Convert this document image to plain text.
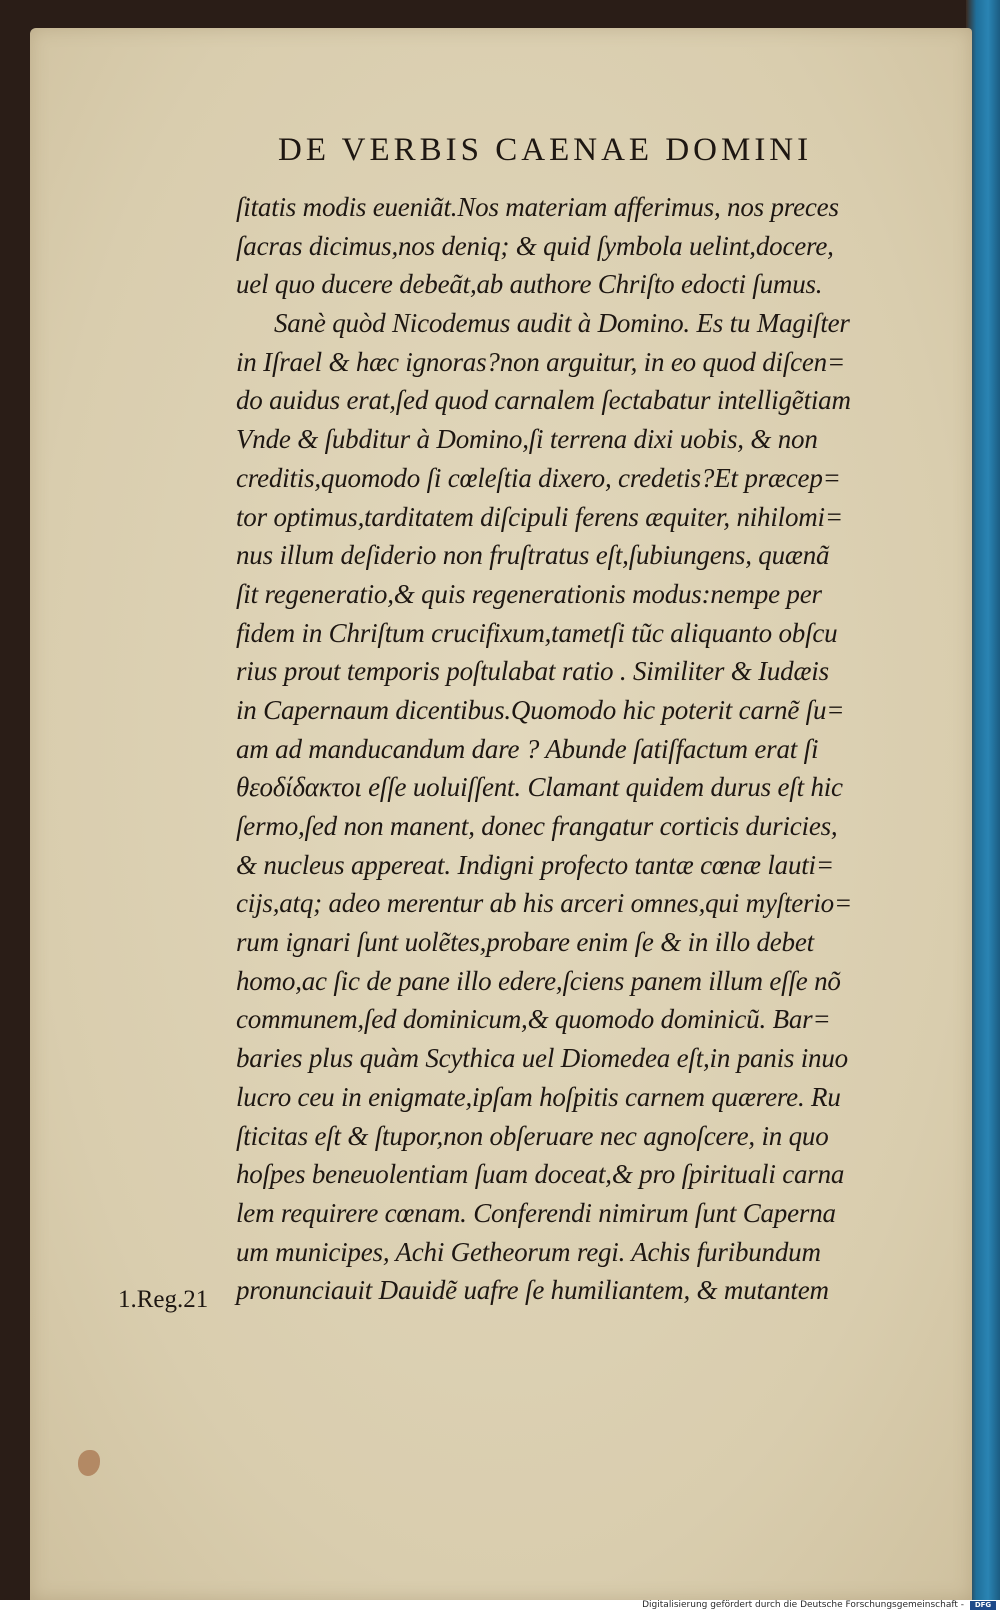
DE VERBIS CAENAE DOMINI
ſitatis modis eueniãt.Nos materiam afferimus, nos preces
ſacras dicimus,nos deniq; & quid ſymbola uelint,docere,
uel quo ducere debeãt,ab authore Chriſto edocti ſumus.
Sanè quòd Nicodemus audit à Domino. Es tu Magiſter
in Iſrael & hæc ignoras?non arguitur, in eo quod diſcen=
do auidus erat,ſed quod carnalem ſectabatur intelligẽtiam
Vnde & ſubditur à Domino,ſi terrena dixi uobis, & non
creditis,quomodo ſi cœleſtia dixero, credetis?Et præcep=
tor optimus,tarditatem diſcipuli ferens æquiter, nihilomi=
nus illum deſiderio non fruſtratus eſt,ſubiungens, quænã
ſit regeneratio,& quis regenerationis modus:nempe per
fidem in Chriſtum crucifixum,tametſi tũc aliquanto obſcu
rius prout temporis poſtulabat ratio . Similiter & Iudæis
in Capernaum dicentibus.Quomodo hic poterit carnẽ ſu=
am ad manducandum dare ? Abunde ſatiſfactum erat ſi
θεοδίδακτοι eſſe uoluiſſent. Clamant quidem durus eſt hic
ſermo,ſed non manent, donec frangatur corticis duricies,
& nucleus appereat. Indigni profecto tantæ cœnæ lauti=
cijs,atq; adeo merentur ab his arceri omnes,qui myſterio=
rum ignari ſunt uolẽtes,probare enim ſe & in illo debet
homo,ac ſic de pane illo edere,ſciens panem illum eſſe nõ
communem,ſed dominicum,& quomodo dominicũ. Bar=
baries plus quàm Scythica uel Diomedea eſt,in panis inuo
lucro ceu in enigmate,ipſam hoſpitis carnem quærere. Ru
ſticitas eſt & ſtupor,non obſeruare nec agnoſcere, in quo
hoſpes beneuolentiam ſuam doceat,& pro ſpirituali carna
lem requirere cœnam. Conferendi nimirum ſunt Caperna
um municipes, Achi Getheorum regi. Achis furibundum
pronunciauit Dauidẽ uafre ſe humiliantem, & mutantem
1.Reg.21
Digitalisierung gefördert durch die Deutsche Forschungsgemeinschaft -	DFG
